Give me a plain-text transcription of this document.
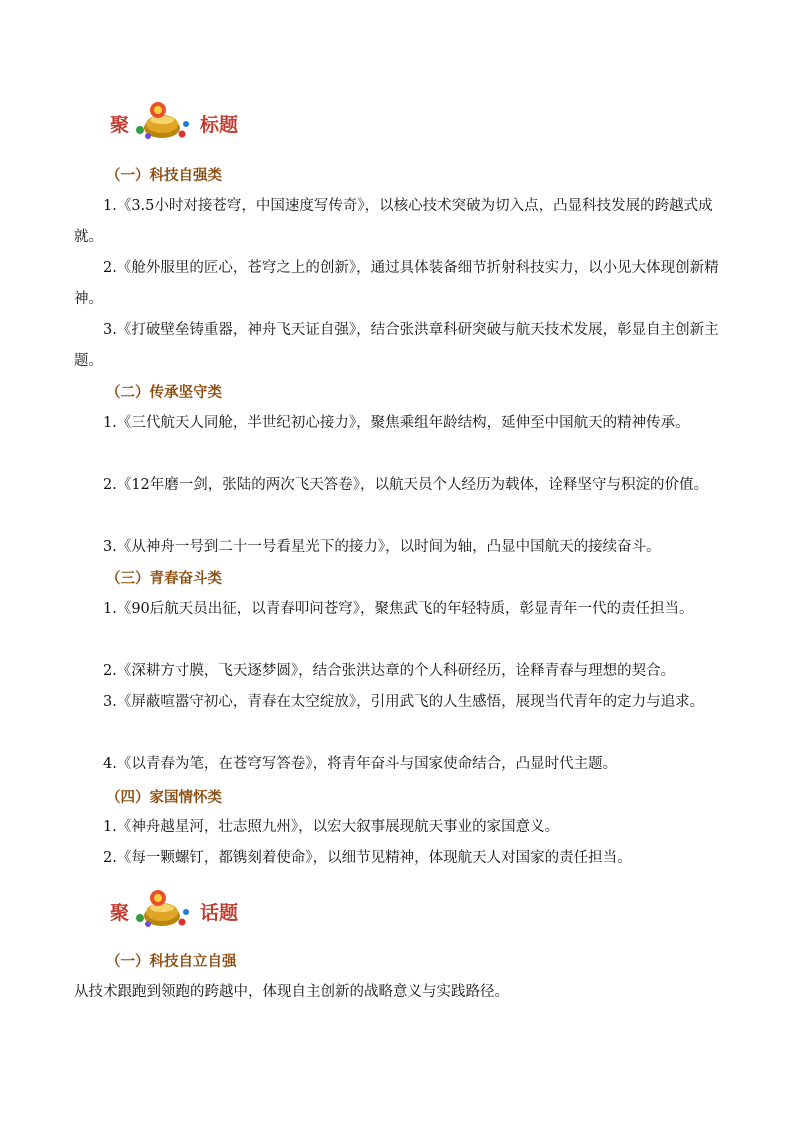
聚	标题
（一）科技自强类
1.《3.5小时对接苍穹，中国速度写传奇》，以核心技术突破为切入点，凸显科技发展的跨越式成就。
2.《舱外服里的匠心，苍穹之上的创新》，通过具体装备细节折射科技实力，以小见大体现创新精神。
3.《打破壁垒铸重器，神舟飞天证自强》，结合张洪章科研突破与航天技术发展，彰显自主创新主题。
（二）传承坚守类
1.《三代航天人同舱，半世纪初心接力》，聚焦乘组年龄结构，延伸至中国航天的精神传承。
2.《12年磨一剑，张陆的两次飞天答卷》，以航天员个人经历为载体，诠释坚守与积淀的价值。
3.《从神舟一号到二十一号看星光下的接力》，以时间为轴，凸显中国航天的接续奋斗。
（三）青春奋斗类
1.《90后航天员出征，以青春叩问苍穹》，聚焦武飞的年轻特质，彰显青年一代的责任担当。
2.《深耕方寸膜，飞天逐梦圆》，结合张洪达章的个人科研经历，诠释青春与理想的契合。
3.《屏蔽喧嚣守初心，青春在太空绽放》，引用武飞的人生感悟，展现当代青年的定力与追求。
4.《以青春为笔，在苍穹写答卷》，将青年奋斗与国家使命结合，凸显时代主题。
（四）家国情怀类
1.《神舟越星河，壮志照九州》，以宏大叙事展现航天事业的家国意义。
2.《每一颗螺钉，都镌刻着使命》，以细节见精神，体现航天人对国家的责任担当。
聚	话题
（一）科技自立自强
从技术跟跑到领跑的跨越中，体现自主创新的战略意义与实践路径。
